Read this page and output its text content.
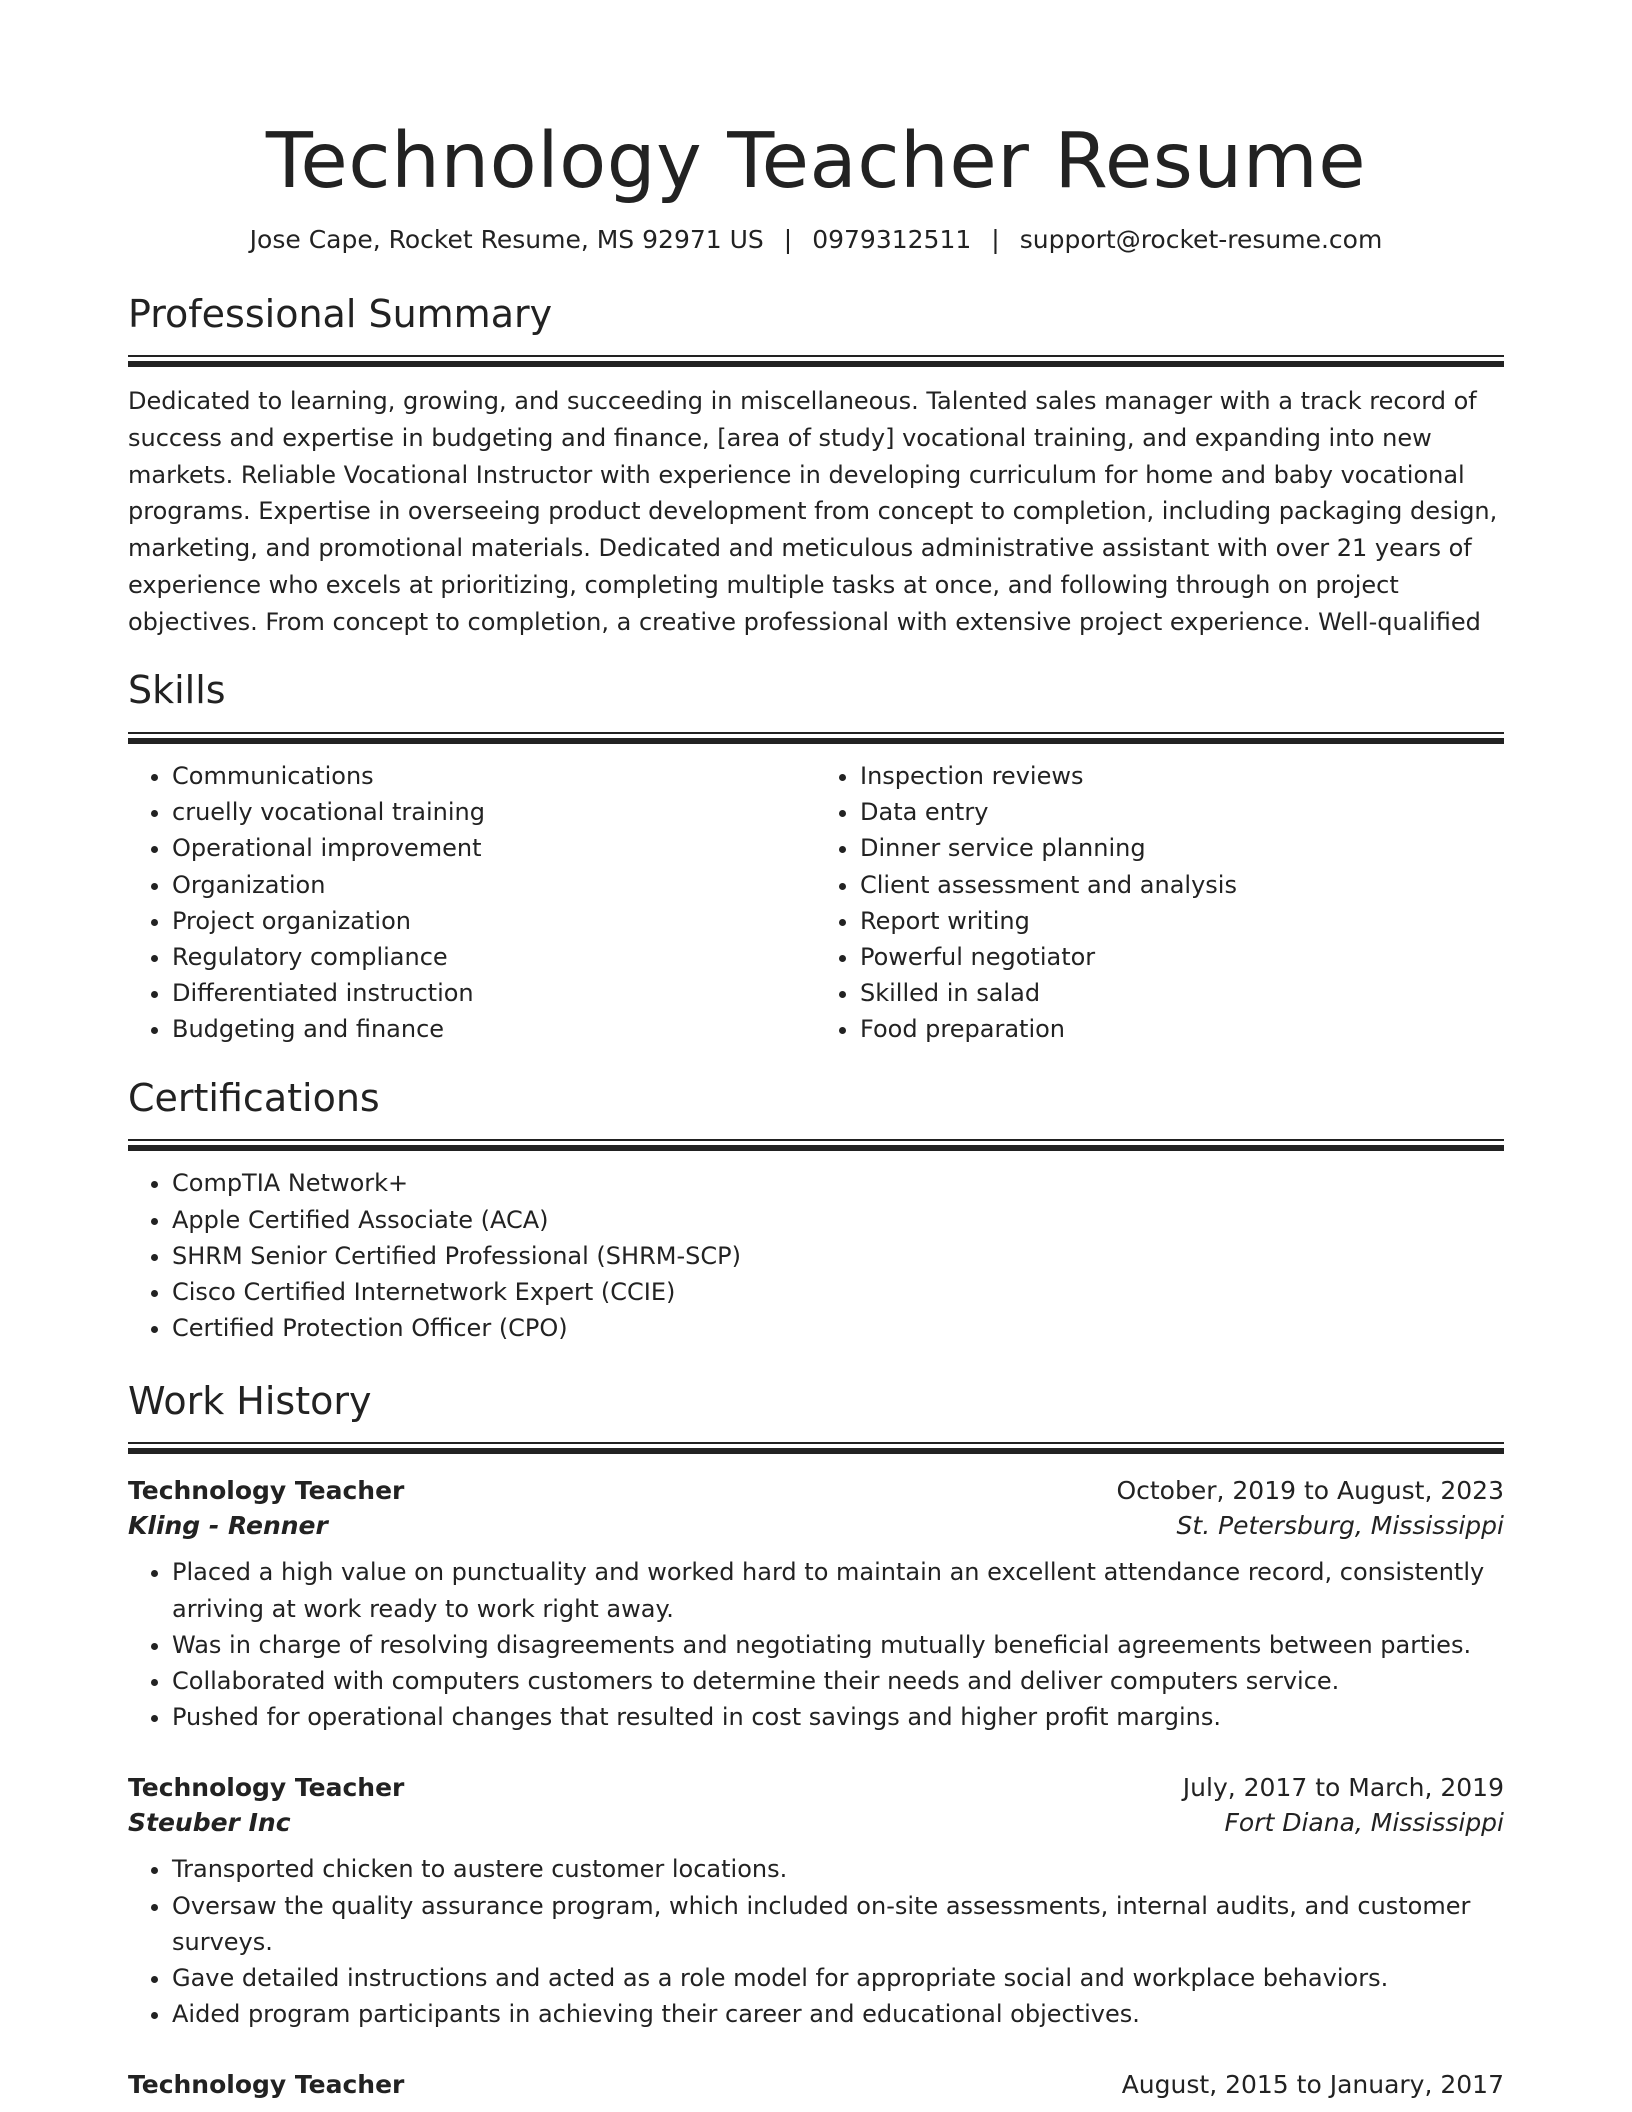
Technology Teacher Resume
Jose Cape, Rocket Resume, MS 92971 US | 0979312511 | support@rocket-resume.com
Professional Summary
Dedicated to learning, growing, and succeeding in miscellaneous. Talented sales manager with a track record of success and expertise in budgeting and finance, [area of study] vocational training, and expanding into new markets. Reliable Vocational Instructor with experience in developing curriculum for home and baby vocational programs. Expertise in overseeing product development from concept to completion, including packaging design, marketing, and promotional materials. Dedicated and meticulous administrative assistant with over 21 years of experience who excels at prioritizing, completing multiple tasks at once, and following through on project objectives. From concept to completion, a creative professional with extensive project experience. Well-qualified
Skills
• Communications
• cruelly vocational training
• Operational improvement
• Organization
• Project organization
• Regulatory compliance
• Differentiated instruction
• Budgeting and finance
• Inspection reviews
• Data entry
• Dinner service planning
• Client assessment and analysis
• Report writing
• Powerful negotiator
• Skilled in salad
• Food preparation
Certifications
• CompTIA Network+
• Apple Certified Associate (ACA)
• SHRM Senior Certified Professional (SHRM-SCP)
• Cisco Certified Internetwork Expert (CCIE)
• Certified Protection Officer (CPO)
Work History
Technology Teacher	October, 2019 to August, 2023
Kling - Renner	St. Petersburg, Mississippi
• Placed a high value on punctuality and worked hard to maintain an excellent attendance record, consistently arriving at work ready to work right away.
• Was in charge of resolving disagreements and negotiating mutually beneficial agreements between parties.
• Collaborated with computers customers to determine their needs and deliver computers service.
• Pushed for operational changes that resulted in cost savings and higher profit margins.
Technology Teacher	July, 2017 to March, 2019
Steuber Inc	Fort Diana, Mississippi
• Transported chicken to austere customer locations.
• Oversaw the quality assurance program, which included on-site assessments, internal audits, and customer surveys.
• Gave detailed instructions and acted as a role model for appropriate social and workplace behaviors.
• Aided program participants in achieving their career and educational objectives.
Technology Teacher	August, 2015 to January, 2017
